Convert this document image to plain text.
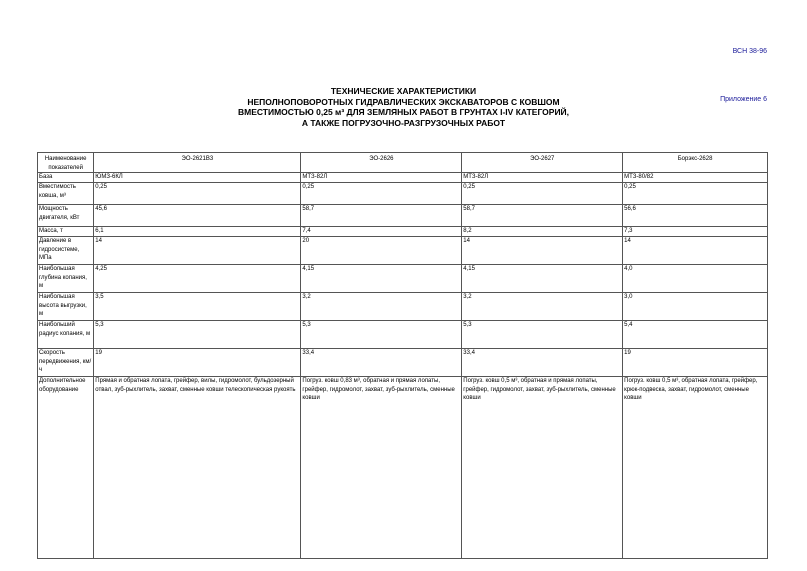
ВСН 38-96
Приложение 6
ТЕХНИЧЕСКИЕ ХАРАКТЕРИСТИКИ
НЕПОЛНОПОВОРОТНЫХ ГИДРАВЛИЧЕСКИХ ЭКСКАВАТОРОВ С КОВШОМ
ВМЕСТИМОСТЬЮ 0,25 м³ ДЛЯ ЗЕМЛЯНЫХ РАБОТ В ГРУНТАХ I-IV КАТЕГОРИЙ,
А ТАКЖЕ ПОГРУЗОЧНО-РАЗГРУЗОЧНЫХ РАБОТ
Наименование показателей	ЭО-2621В3	ЭО-2626	ЭО-2627	Борэкс-2628
База	ЮМЗ-6КЛ	МТЗ-82Л	МТЗ-82Л	МТЗ-80/82
Вместимость ковша, м³	0,25	0,25	0,25	0,25
Мощность двигателя, кВт	45,6	58,7	58,7	56,6
Масса, т	6,1	7,4	8,2	7,3
Давление в гидросистеме, МПа	14	20	14	14
Наибольшая глубина копания, м	4,25	4,15	4,15	4,0
Наибольшая высота выгрузки, м	3,5	3,2	3,2	3,0
Наибольший радиус копания, м	5,3	5,3	5,3	5,4
Скорость передвижения, км/ч	19	33,4	33,4	19
Дополнительное оборудование	Прямая и обратная лопата, грейфер, вилы, гидромолот, бульдозерный отвал, зуб-рыхлитель, захват, сменные ковши телескопическая рукоять	Погруз. ковш 0,83 м³, обратная и прямая лопаты, грейфер, гидромолот, захват, зуб-рыхлитель, сменные ковши	Погруз. ковш 0,5 м³, обратная и прямая лопаты, грейфер, гидромолот, захват, зуб-рыхлитель, сменные ковши	Погруз. ковш 0,5 м³, обратная лопата, грейфер, крюк-подвеска, захват, гидромолот, сменные ковши
